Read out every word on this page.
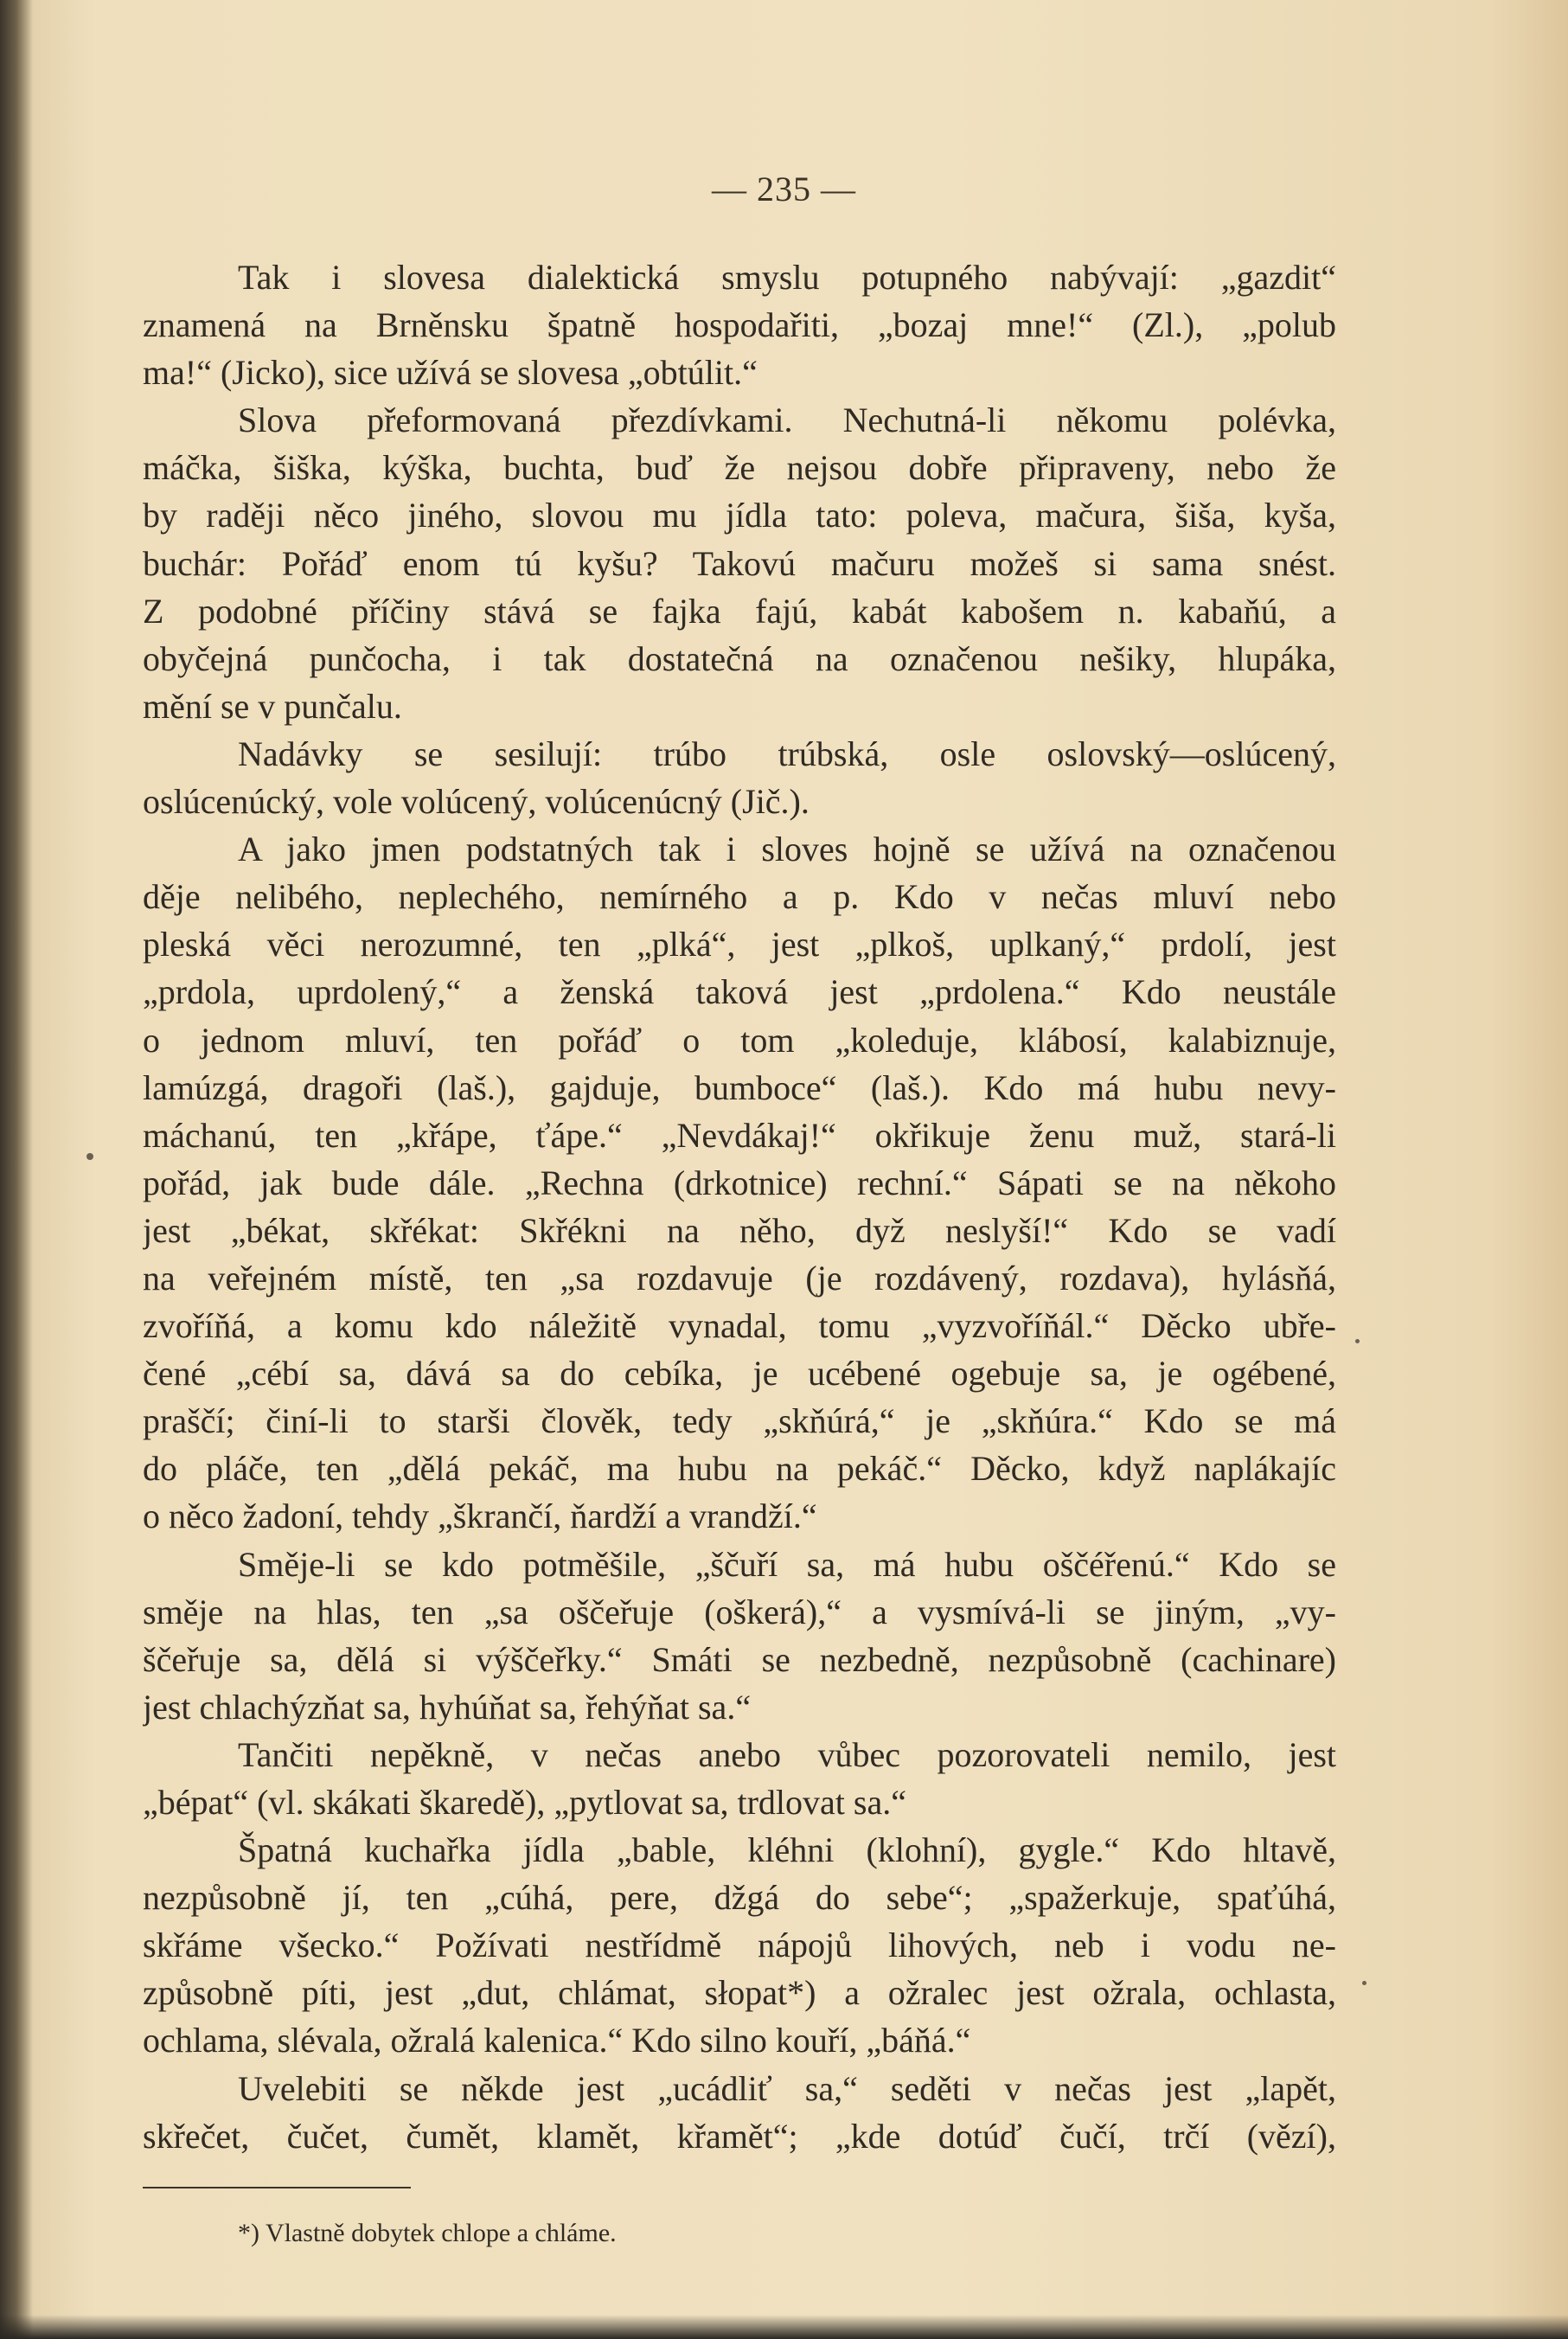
— 235 —
Tak i slovesa dialektická smyslu potupného nabývají: „gazdit“
znamená na Brněnsku špatně hospodařiti, „bozaj mne!“ (Zl.), „polub
ma!“ (Jicko), sice užívá se slovesa „obtúlit.“
Slova přeformovaná přezdívkami. Nechutná-li někomu polévka,
máčka, šiška, kýška, buchta, buď že nejsou dobře připraveny, nebo že
by raději něco jiného, slovou mu jídla tato: poleva, mačura, šiša, kyša,
buchár: Pořáď enom tú kyšu? Takovú mačuru možeš si sama snést.
Z podobné příčiny stává se fajka fajú, kabát kabošem n. kabaňú, a
obyčejná punčocha, i tak dostatečná na označenou nešiky, hlupáka,
mění se v punčalu.
Nadávky se sesilují: trúbo trúbská, osle oslovský—oslúcený,
oslúcenúcký, vole volúcený, volúcenúcný (Jič.).
A jako jmen podstatných tak i sloves hojně se užívá na označenou
děje nelibého, neplechého, nemírného a p. Kdo v nečas mluví nebo
pleská věci nerozumné, ten „plká“, jest „plkoš, uplkaný,“ prdolí, jest
„prdola, uprdolený,“ a ženská taková jest „prdolena.“ Kdo neustále
o jednom mluví, ten pořáď o tom „koleduje, klábosí, kalabiznuje,
lamúzgá, dragoři (laš.), gajduje, bumboce“ (laš.). Kdo má hubu nevy-
máchanú, ten „křápe, ťápe.“ „Nevdákaj!“ okřikuje ženu muž, stará-li
pořád, jak bude dále. „Rechna (drkotnice) rechní.“ Sápati se na někoho
jest „békat, skřékat: Skřékni na něho, dyž neslyší!“ Kdo se vadí
na veřejném místě, ten „sa rozdavuje (je rozdávený, rozdava), hylásňá,
zvoříňá, a komu kdo náležitě vynadal, tomu „vyzvoříňál.“ Děcko ubře-
čené „cébí sa, dává sa do cebíka, je ucébené ogebuje sa, je ogébené,
praščí; činí-li to starši člověk, tedy „skňúrá,“ je „skňúra.“ Kdo se má
do pláče, ten „dělá pekáč, ma hubu na pekáč.“ Děcko, když naplákajíc
o něco žadoní, tehdy „škrančí, ňardží a vrandží.“
Směje-li se kdo potměšile, „ščuří sa, má hubu oščéřenú.“ Kdo se
směje na hlas, ten „sa oščeřuje (oškerá),“ a vysmívá-li se jiným, „vy-
ščeřuje sa, dělá si výščeřky.“ Smáti se nezbedně, nezpůsobně (cachinare)
jest chlachýzňat sa, hyhúňat sa, řehýňat sa.“
Tančiti nepěkně, v nečas anebo vůbec pozorovateli nemilo, jest
„bépat“ (vl. skákati škaredě), „pytlovat sa, trdlovat sa.“
Špatná kuchařka jídla „bable, kléhni (klohní), gygle.“ Kdo hltavě,
nezpůsobně jí, ten „cúhá, pere, džgá do sebe“; „spažerkuje, spaťúhá,
skřáme všecko.“ Požívati nestřídmě nápojů lihových, neb i vodu ne-
způsobně píti, jest „dut, chlámat, słopat*) a ožralec jest ožrala, ochlasta,
ochlama, slévala, ožralá kalenica.“ Kdo silno kouří, „báňá.“
Uvelebiti se někde jest „uсádliť sa,“ seděti v nečas jest „lapět,
skřečet, čučet, čumět, klamět, křamět“; „kde dotúď čučí, trčí (vězí),
*) Vlastně dobytek chlope a chláme.
